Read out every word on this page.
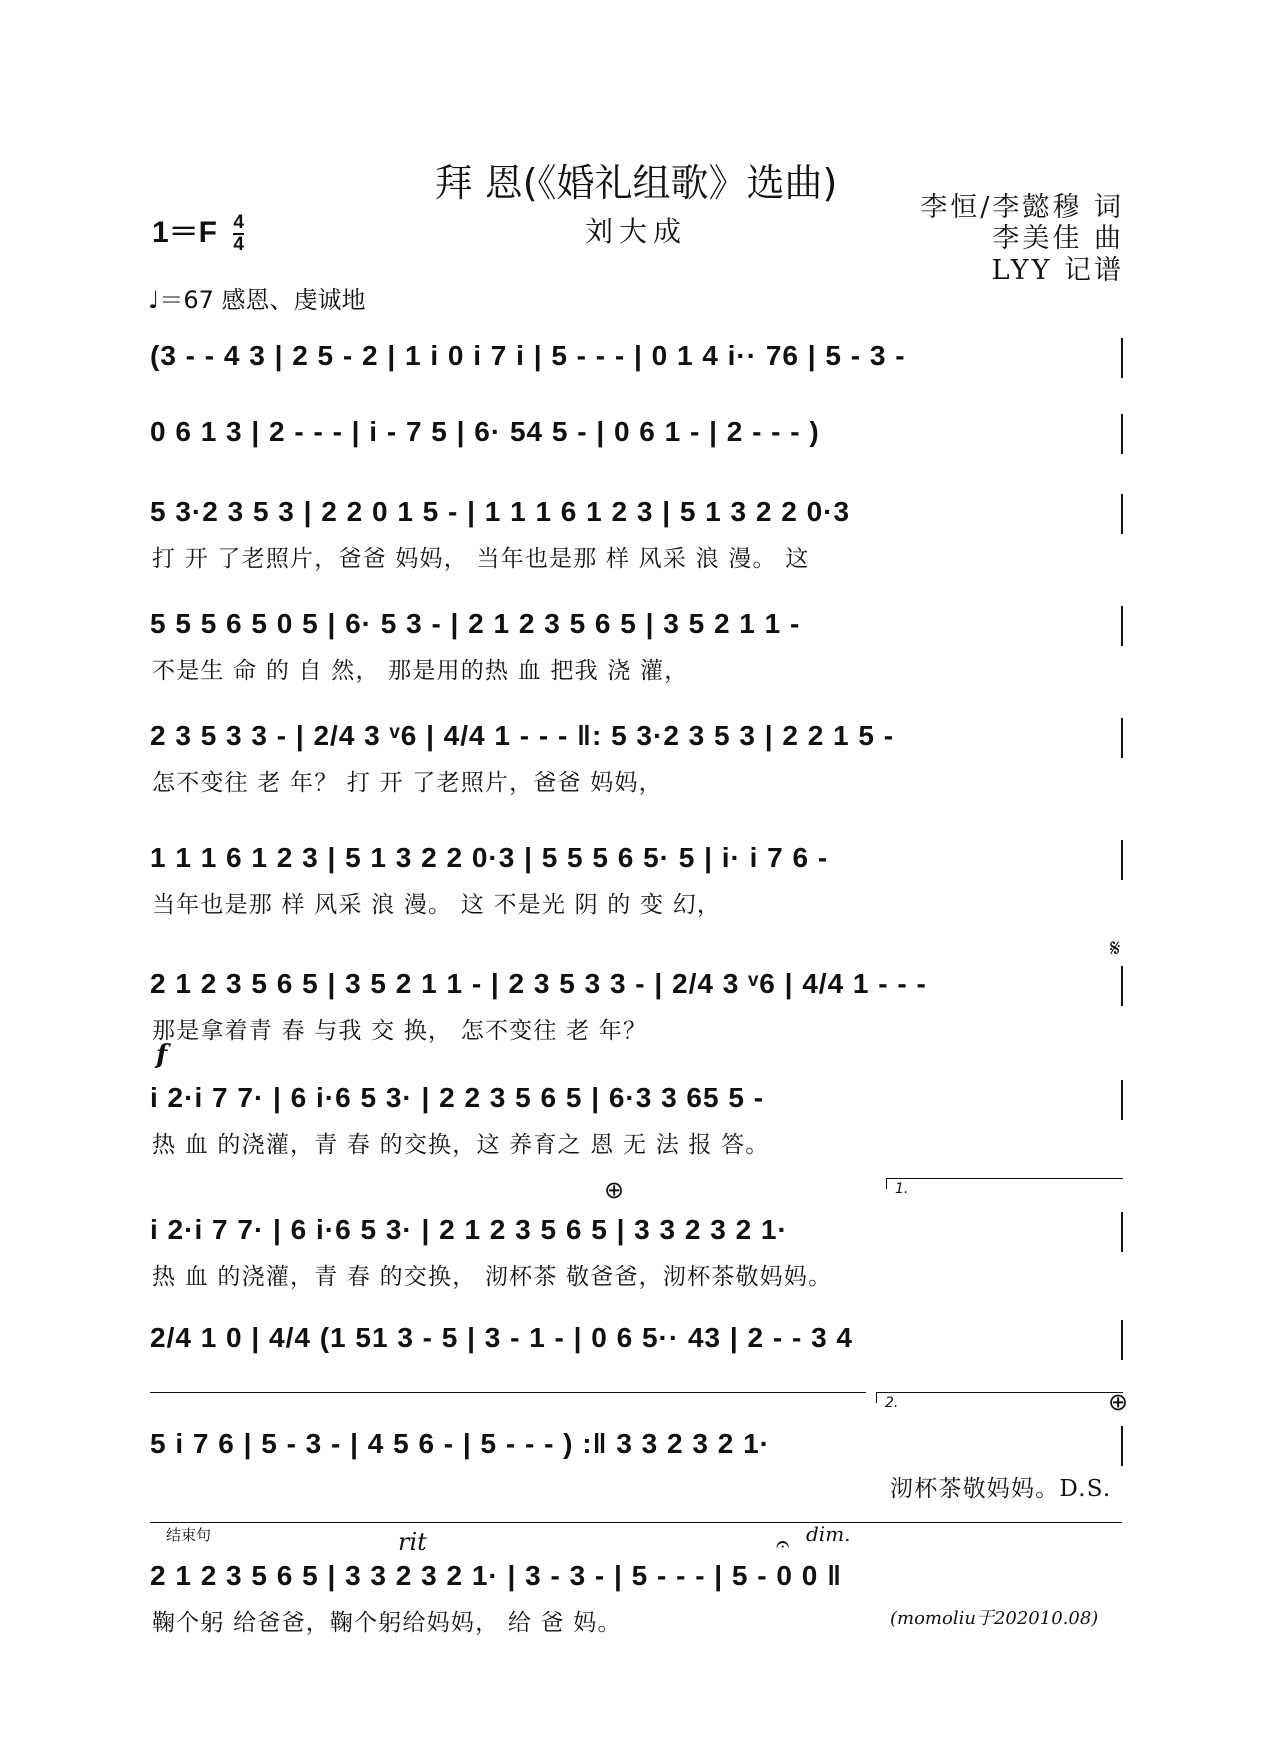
拜 恩(《婚礼组歌》选曲)
$1=F \frac{4}{4}$	刘大成
李恒/李懿穆 词
李美佳 曲
LYY 记谱
♩＝67 感恩、虔诚地
(3 - - 4 3 | 2 5 - 2 | 1 i 0 i 7 i | 5 - - - | 0 1 4 i·· 76 | 5 - 3 -
0 6 1 3 | 2 - - - | i - 7 5 | 6· 54 5 - | 0 6 1 - | 2 - - - )
5 3·2 3 5 3 | 2 2 0 1 5 - | 1 1 1 6 1 2 3 | 5 1 3 2 2 0·3
打 开 了老照片，爸爸 妈妈， 当年也是那 样 风采 浪 漫。 这
5 5 5 6 5 0 5 | 6· 5 3 - | 2 1 2 3 5 6 5 | 3 5 2 1 1 -
不是生 命 的 自 然， 那是用的热 血 把我 浇 灌，
2 3 5 3 3 - | 2/4 3 ᵛ6 | 4/4 1 - - - ‖: 5 3·2 3 5 3 | 2 2 1 5 -
怎不变往 老 年？ 打 开 了老照片，爸爸 妈妈，
1 1 1 6 1 2 3 | 5 1 3 2 2 0·3 | 5 5 5 6 5· 5 | i· i 7 6 -
当年也是那 样 风采 浪 漫。 这 不是光 阴 的 变 幻，
𝄋
2 1 2 3 5 6 5 | 3 5 2 1 1 - | 2 3 5 3 3 - | 2/4 3 ᵛ6 | 4/4 1 - - -
那是拿着青 春 与我 交 换， 怎不变往 老 年？
f
i 2·i 7 7· | 6 i·6 5 3· | 2 2 3 5 6 5 | 6·3 3 65 5 -
热 血 的浇灌，青 春 的交换，这 养育之 恩 无 法 报 答。
⊕	1.
i 2·i 7 7· | 6 i·6 5 3· | 2 1 2 3 5 6 5 | 3 3 2 3 2 1·
热 血 的浇灌，青 春 的交换， 沏杯茶 敬爸爸，沏杯茶敬妈妈。
2/4 1 0 | 4/4 (1 51 3 - 5 | 3 - 1 - | 0 6 5·· 43 | 2 - - 3 4
2.	⊕
5 i 7 6 | 5 - 3 - | 4 5 6 - | 5 - - - ) :‖ 3 3 2 3 2 1·
沏杯茶敬妈妈。D.S.
结束句	rit	𝄐 dim.
2 1 2 3 5 6 5 | 3 3 2 3 2 1· | 3 - 3 - | 5 - - - | 5 - 0 0 ‖
鞠个躬 给爸爸，鞠个躬给妈妈， 给 爸 妈。	(momoliu于202010.08)
